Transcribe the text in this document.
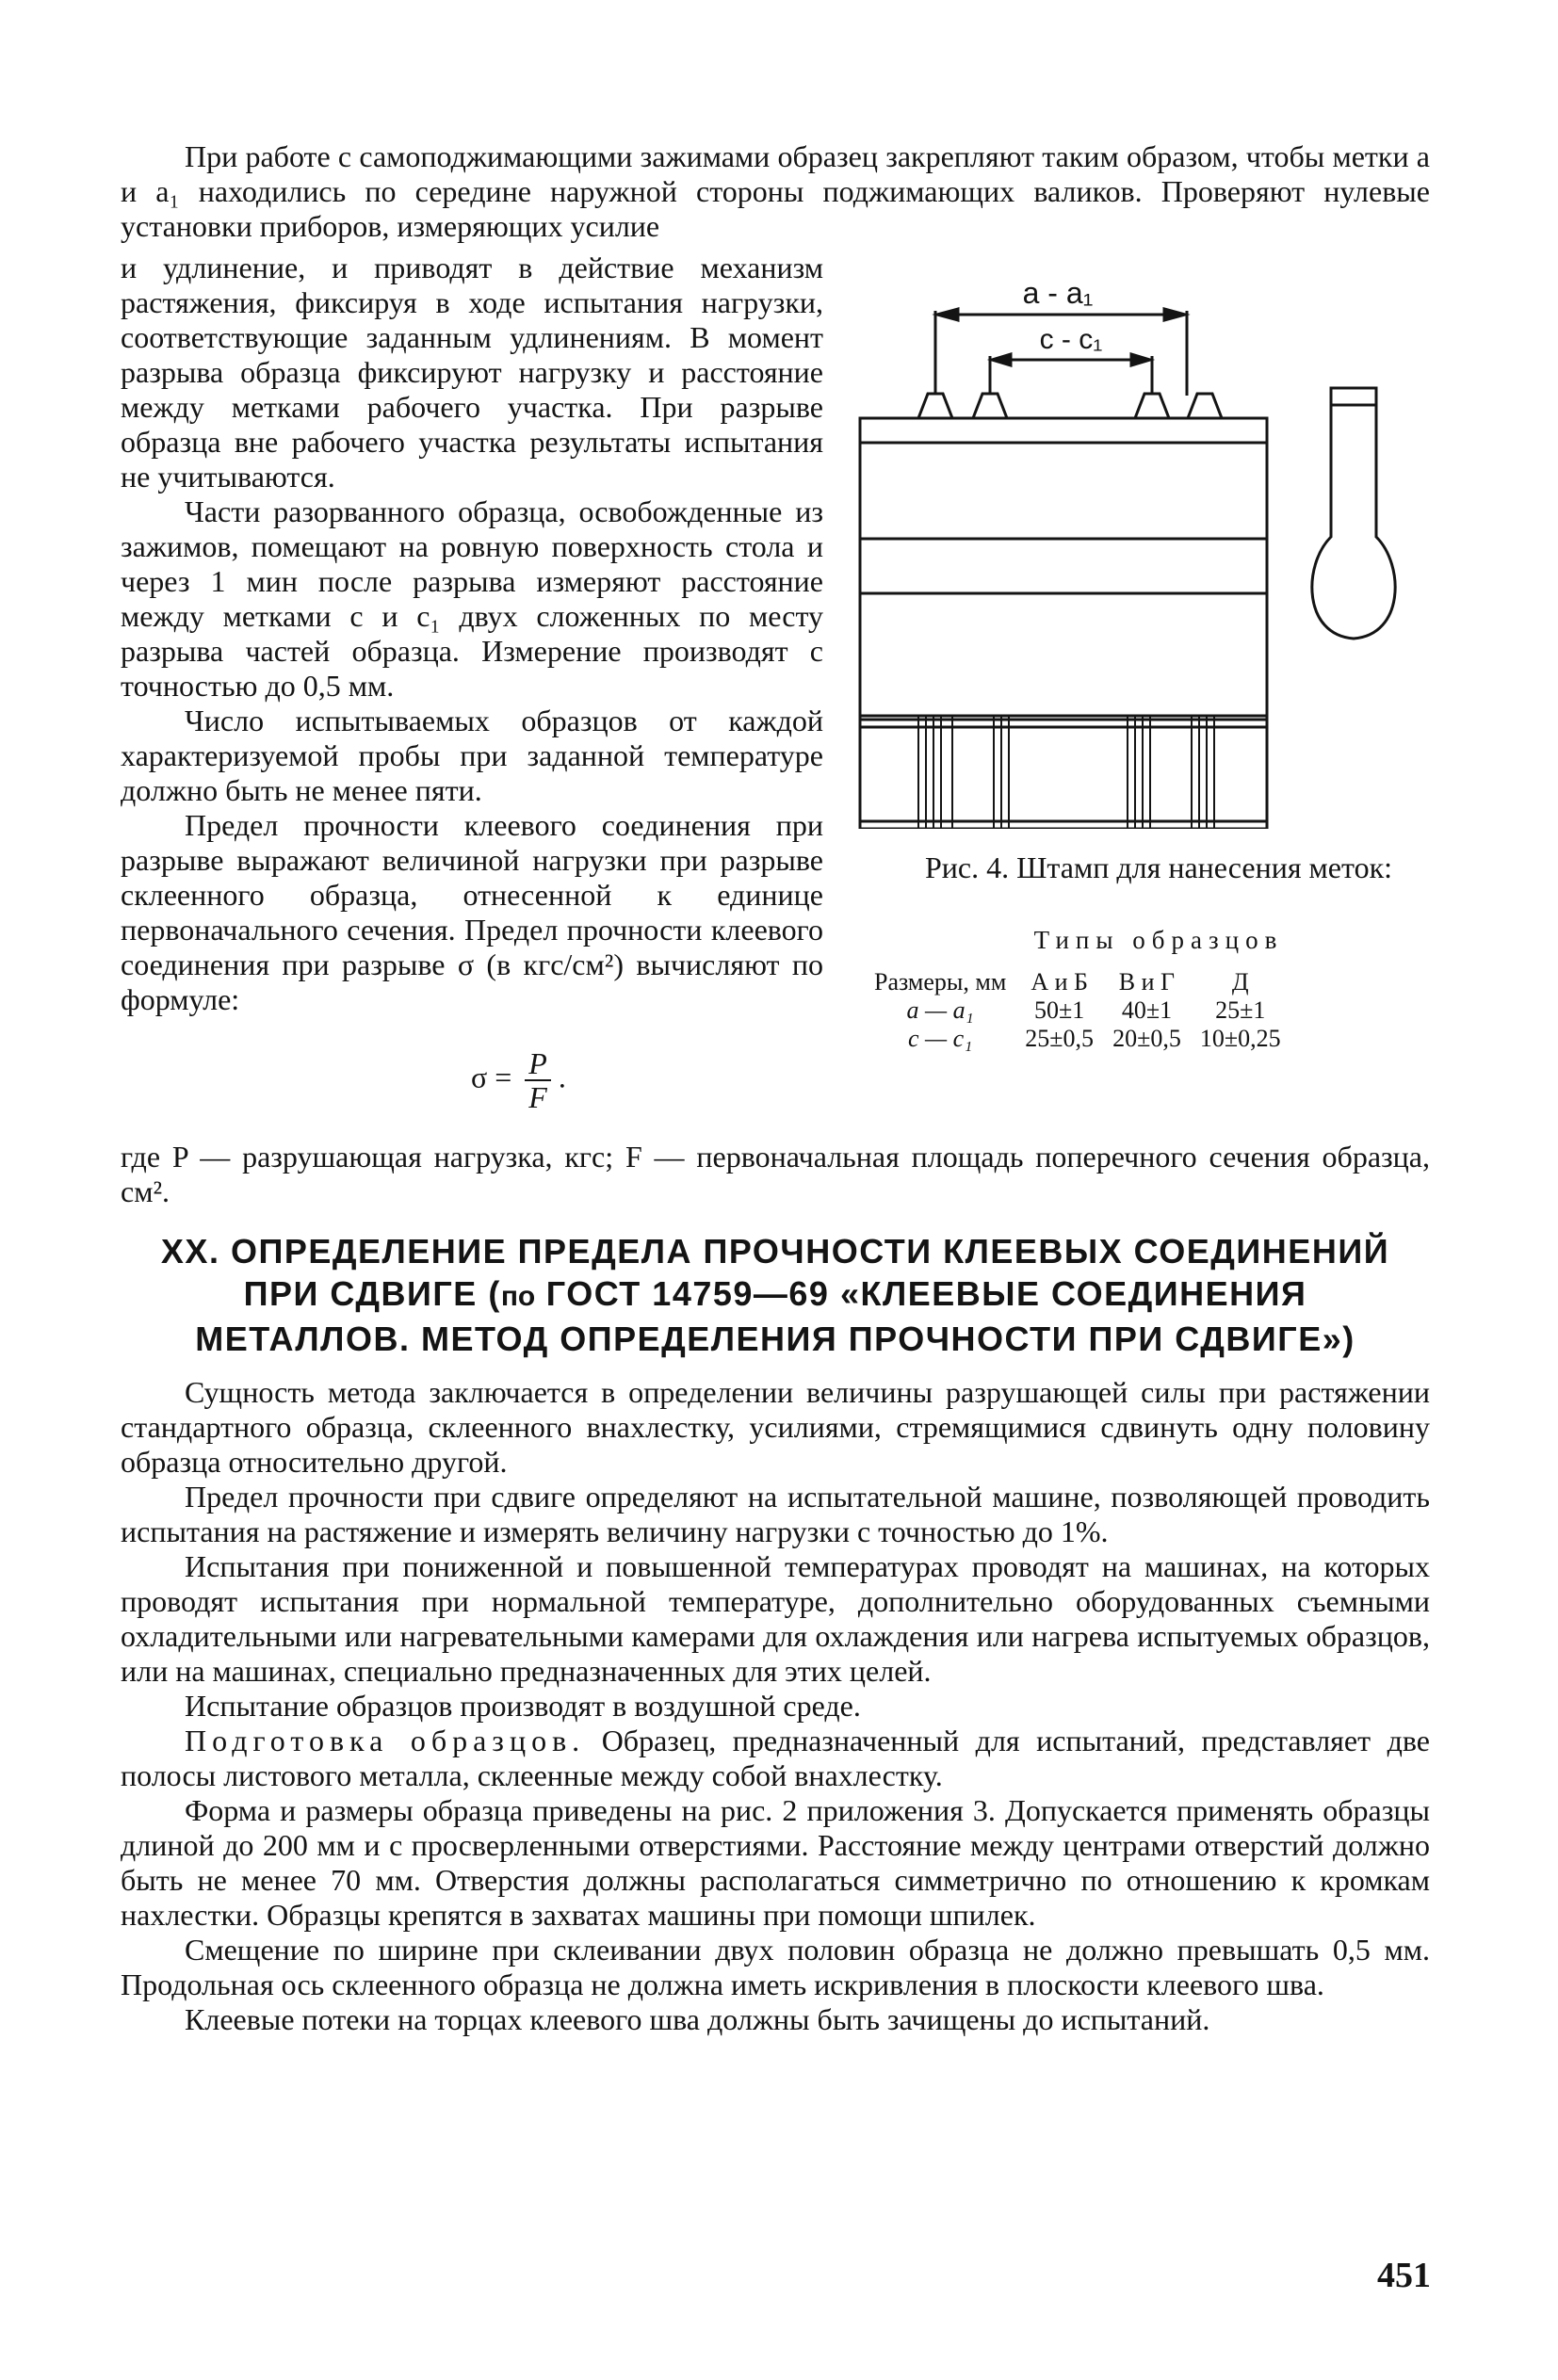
При работе с самоподжимающими зажимами образец закрепляют таким образом, чтобы метки a и a₁ находились по середине наружной стороны поджимающих валиков. Проверяют нулевые установки приборов, измеряющих усилие

и удлинение, и приводят в действие механизм растяжения, фиксируя в ходе испытания нагрузки, соответствующие заданным удлинениям. В момент разрыва образца фиксируют нагрузку и расстояние между метками рабочего участка. При разрыве образца вне рабочего участка результаты испытания не учитываются.

Части разорванного образца, освобожденные из зажимов, помещают на ровную поверхность стола и через 1 мин после разрыва измеряют расстояние между метками c и c₁ двух сложенных по месту разрыва частей образца. Измерение производят с точностью до 0,5 мм.

Число испытываемых образцов от каждой характеризуемой пробы при заданной температуре должно быть не менее пяти.

Предел прочности клеевого соединения при разрыве выражают величиной нагрузки при разрыве склеенного образца, отнесенной к единице первоначального сечения. Предел прочности клеевого соединения при разрыве σ (в кгс/см²) вычисляют по формуле:

$\sigma = \frac{P}{F}$ .
a - a₁
c - c₁
Рис. 4. Штамп для нанесения меток:
Типы образцов
Размеры, мм	А и Б	В и Г	Д
a — a₁	50±1	40±1	25±1
c — c₁	25±0,5	20±0,5	10±0,25

где P — разрушающая нагрузка, кгс; F — первоначальная площадь поперечного сечения образца, см².

XX. ОПРЕДЕЛЕНИЕ ПРЕДЕЛА ПРОЧНОСТИ КЛЕЕВЫХ СОЕДИНЕНИЙ
ПРИ СДВИГЕ (по ГОСТ 14759—69 «КЛЕЕВЫЕ СОЕДИНЕНИЯ
МЕТАЛЛОВ. МЕТОД ОПРЕДЕЛЕНИЯ ПРОЧНОСТИ ПРИ СДВИГЕ»)

Сущность метода заключается в определении величины разрушающей силы при растяжении стандартного образца, склеенного внахлестку, усилиями, стремящимися сдвинуть одну половину образца относительно другой.

Предел прочности при сдвиге определяют на испытательной машине, позволяющей проводить испытания на растяжение и измерять величину нагрузки с точностью до 1%.

Испытания при пониженной и повышенной температурах проводят на машинах, на которых проводят испытания при нормальной температуре, дополнительно оборудованных съемными охладительными или нагревательными камерами для охлаждения или нагрева испытуемых образцов, или на машинах, специально предназначенных для этих целей.

Испытание образцов производят в воздушной среде.

Подготовка образцов. Образец, предназначенный для испытаний, представляет две полосы листового металла, склеенные между собой внахлестку.

Форма и размеры образца приведены на рис. 2 приложения 3. Допускается применять образцы длиной до 200 мм и с просверленными отверстиями. Расстояние между центрами отверстий должно быть не менее 70 мм. Отверстия должны располагаться симметрично по отношению к кромкам нахлестки. Образцы крепятся в захватах машины при помощи шпилек.

Смещение по ширине при склеивании двух половин образца не должно превышать 0,5 мм. Продольная ось склеенного образца не должна иметь искривления в плоскости клеевого шва.

Клеевые потеки на торцах клеевого шва должны быть зачищены до испытаний.

451
